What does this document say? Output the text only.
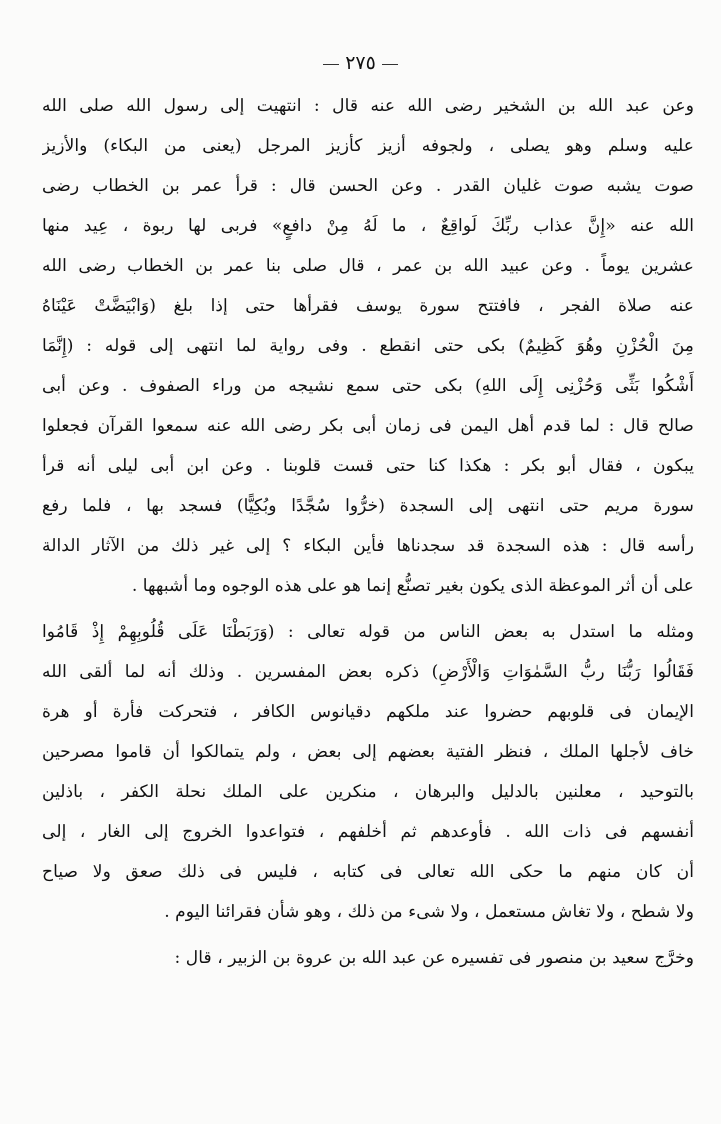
٢٧٥
وعن عبد الله بن الشخير رضى الله عنه قال : انتهيت إلى رسول الله صلى الله
عليه وسلم وهو يصلى ، ولجوفه أزيز كأزيز المرجل (يعنى من البكاء) والأزيز
صوت يشبه صوت غليان القدر . وعن الحسن قال : قرأ عمر بن الخطاب رضى
الله عنه «إِنَّ عذاب ربِّكَ لَواقِعٌ ، ما لَهُ مِنْ دافعٍ» فربى لها ربوة ، عِيد منها
عشرين يوماً . وعن عبيد الله بن عمر ، قال صلى بنا عمر بن الخطاب رضى الله
عنه صلاة الفجر ، فافتتح سورة يوسف فقرأها حتى إذا بلغ (وَابْيَضَّتْ عَيْنَاهُ
مِنَ الْحُزْنِ وهُوَ كَظِيمٌ) بكى حتى انقطع . وفى رواية لما انتهى إلى قوله : (إِنَّمَا
أَشْكُوا بَثِّى وَحُزْنِى إِلَى اللهِ) بكى حتى سمع نشيجه من وراء الصفوف . وعن أبى
صالح قال : لما قدم أهل اليمن فى زمان أبى بكر رضى الله عنه سمعوا القرآن فجعلوا
يبكون ، فقال أبو بكر : هكذا كنا حتى قست قلوبنا . وعن ابن أبى ليلى أنه قرأ
سورة مريم حتى انتهى إلى السجدة (خرُّوا سُجَّدًا وبُكِيًّا) فسجد بها ، فلما رفع
رأسه قال : هذه السجدة قد سجدناها فأين البكاء ؟ إلى غير ذلك من الآثار الدالة
على أن أثر الموعظة الذى يكون بغير تصنُّع إنما هو على هذه الوجوه وما أشبهها .
ومثله ما استدل به بعض الناس من قوله تعالى : (وَرَبَطْنَا عَلَى قُلُوبِهِمْ إِذْ قَامُوا
فَقَالُوا رَبُّنَا ربُّ السَّمٰوَاتِ وَالْأَرْضِ) ذكره بعض المفسرين . وذلك أنه لما ألقى الله
الإيمان فى قلوبهم حضروا عند ملكهم دقيانوس الكافر ، فتحركت فأرة أو هرة
خاف لأجلها الملك ، فنظر الفتية بعضهم إلى بعض ، ولم يتمالكوا أن قاموا مصرحين
بالتوحيد ، معلنين بالدليل والبرهان ، منكرين على الملك نحلة الكفر ، باذلين
أنفسهم فى ذات الله . فأوعدهم ثم أخلفهم ، فتواعدوا الخروج إلى الغار ، إلى
أن كان منهم ما حكى الله تعالى فى كتابه ، فليس فى ذلك صعق ولا صياح
ولا شطح ، ولا تغاش مستعمل ، ولا شىء من ذلك ، وهو شأن فقرائنا اليوم .
وخرَّج سعيد بن منصور فى تفسيره عن عبد الله بن عروة بن الزبير ، قال :
